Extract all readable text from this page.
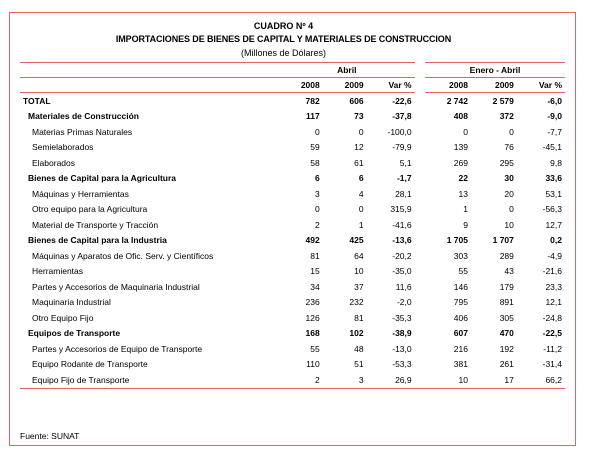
CUADRO Nº 4
IMPORTACIONES DE BIENES DE CAPITAL Y MATERIALES DE CONSTRUCCION
(Millones de Dólares)
	Abril				Enero - Abril		
	2008	2009	Var %		2008	2009	Var %
TOTAL	782	606	-22,6		2 742	2 579	-6,0
Materiales de Construcción	117	73	-37,8		408	372	-9,0
Materias Primas Naturales	0	0	-100,0		0	0	-7,7
Semielaborados	59	12	-79,9		139	76	-45,1
Elaborados	58	61	5,1		269	295	9,8
Bienes de Capital para la Agricultura	6	6	-1,7		22	30	33,6
Máquinas y Herramientas	3	4	28,1		13	20	53,1
Otro equipo para la Agricultura	0	0	315,9		1	0	-56,3
Material de Transporte y Tracción	2	1	-41,6		9	10	12,7
Bienes de Capital para la Industria	492	425	-13,6		1 705	1 707	0,2
Máquinas y Aparatos de Ofic. Serv. y Científicos	81	64	-20,2		303	289	-4,9
Herramientas	15	10	-35,0		55	43	-21,6
Partes y Accesorios de Maquinaria Industrial	34	37	11,6		146	179	23,3
Maquinaria Industrial	236	232	-2,0		795	891	12,1
Otro Equipo Fijo	126	81	-35,3		406	305	-24,8
Equipos de Transporte	168	102	-38,9		607	470	-22,5
Partes y Accesorios de Equipo de Transporte	55	48	-13,0		216	192	-11,2
Equipo Rodante de Transporte	110	51	-53,3		381	261	-31,4
Equipo Fijo de Transporte	2	3	26,9		10	17	66,2
Fuente: SUNAT
